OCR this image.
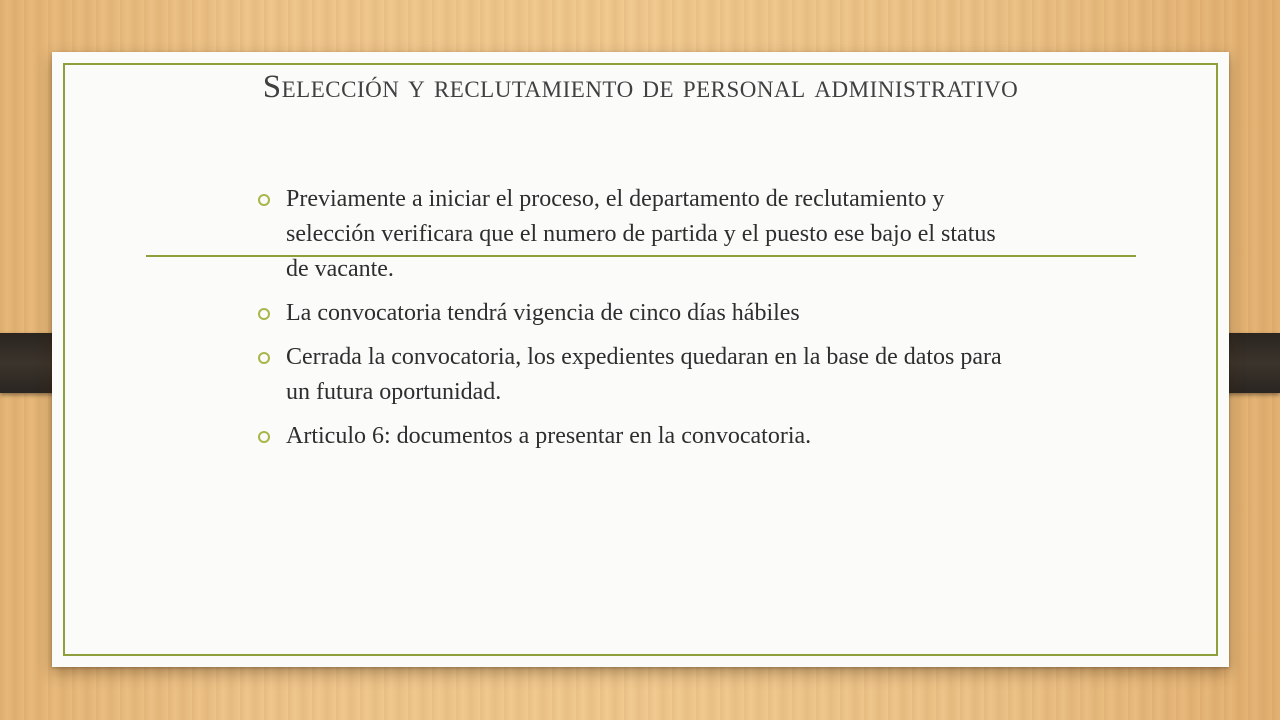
Selección y reclutamiento de personal administrativo
Previamente a iniciar el proceso, el departamento de reclutamiento y selección verificara que el numero de partida y el puesto ese bajo el status de vacante.
La convocatoria tendrá vigencia de cinco días hábiles
Cerrada la convocatoria, los expedientes quedaran en la base de datos para un futura oportunidad.
Articulo 6: documentos a presentar en la convocatoria.
